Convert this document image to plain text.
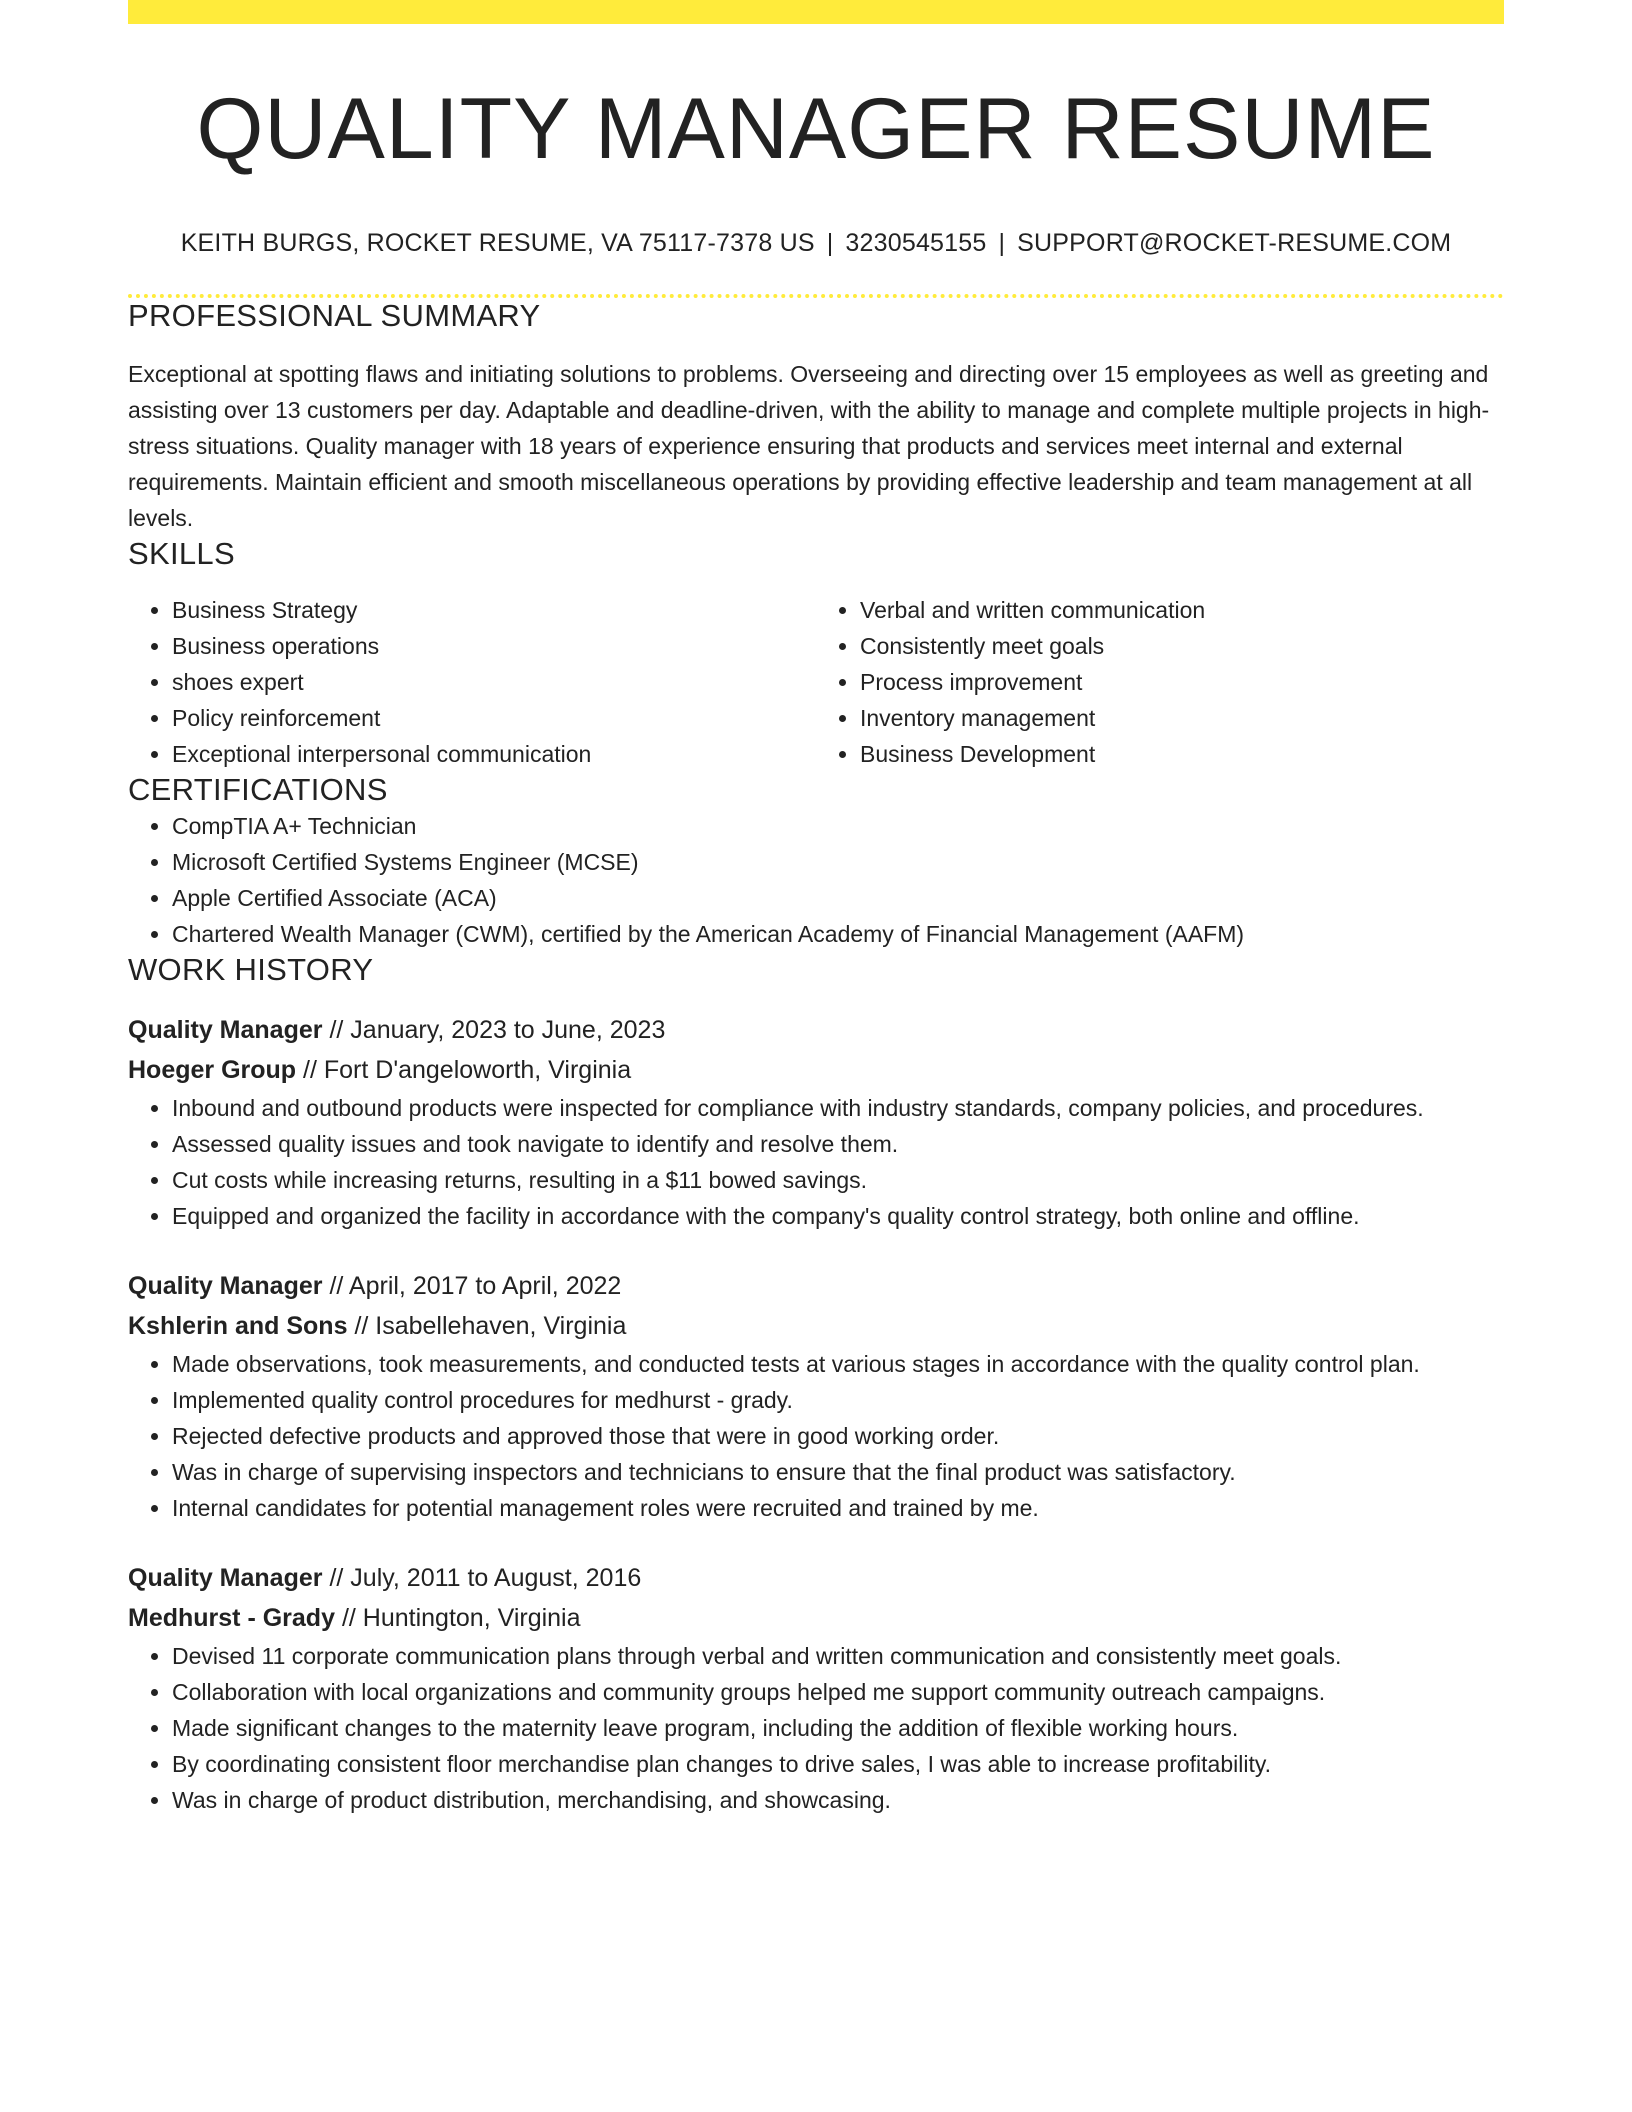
QUALITY MANAGER RESUME
KEITH BURGS, ROCKET RESUME, VA 75117-7378 US | 3230545155 | SUPPORT@ROCKET-RESUME.COM
PROFESSIONAL SUMMARY

Exceptional at spotting flaws and initiating solutions to problems. Overseeing and directing over 15 employees as well as greeting and assisting over 13 customers per day. Adaptable and deadline-driven, with the ability to manage and complete multiple projects in high-stress situations. Quality manager with 18 years of experience ensuring that products and services meet internal and external requirements. Maintain efficient and smooth miscellaneous operations by providing effective leadership and team management at all levels.

SKILLS
• Business Strategy
• Business operations
• shoes expert
• Policy reinforcement
• Exceptional interpersonal communication
• Verbal and written communication
• Consistently meet goals
• Process improvement
• Inventory management
• Business Development
CERTIFICATIONS
• CompTIA A+ Technician
• Microsoft Certified Systems Engineer (MCSE)
• Apple Certified Associate (ACA)
• Chartered Wealth Manager (CWM), certified by the American Academy of Financial Management (AAFM)
WORK HISTORY
Quality Manager // January, 2023 to June, 2023
Hoeger Group // Fort D'angeloworth, Virginia
• Inbound and outbound products were inspected for compliance with industry standards, company policies, and procedures.
• Assessed quality issues and took navigate to identify and resolve them.
• Cut costs while increasing returns, resulting in a $11 bowed savings.
• Equipped and organized the facility in accordance with the company's quality control strategy, both online and offline.
Quality Manager // April, 2017 to April, 2022
Kshlerin and Sons // Isabellehaven, Virginia
• Made observations, took measurements, and conducted tests at various stages in accordance with the quality control plan.
• Implemented quality control procedures for medhurst - grady.
• Rejected defective products and approved those that were in good working order.
• Was in charge of supervising inspectors and technicians to ensure that the final product was satisfactory.
• Internal candidates for potential management roles were recruited and trained by me.
Quality Manager // July, 2011 to August, 2016
Medhurst - Grady // Huntington, Virginia
• Devised 11 corporate communication plans through verbal and written communication and consistently meet goals.
• Collaboration with local organizations and community groups helped me support community outreach campaigns.
• Made significant changes to the maternity leave program, including the addition of flexible working hours.
• By coordinating consistent floor merchandise plan changes to drive sales, I was able to increase profitability.
• Was in charge of product distribution, merchandising, and showcasing.
